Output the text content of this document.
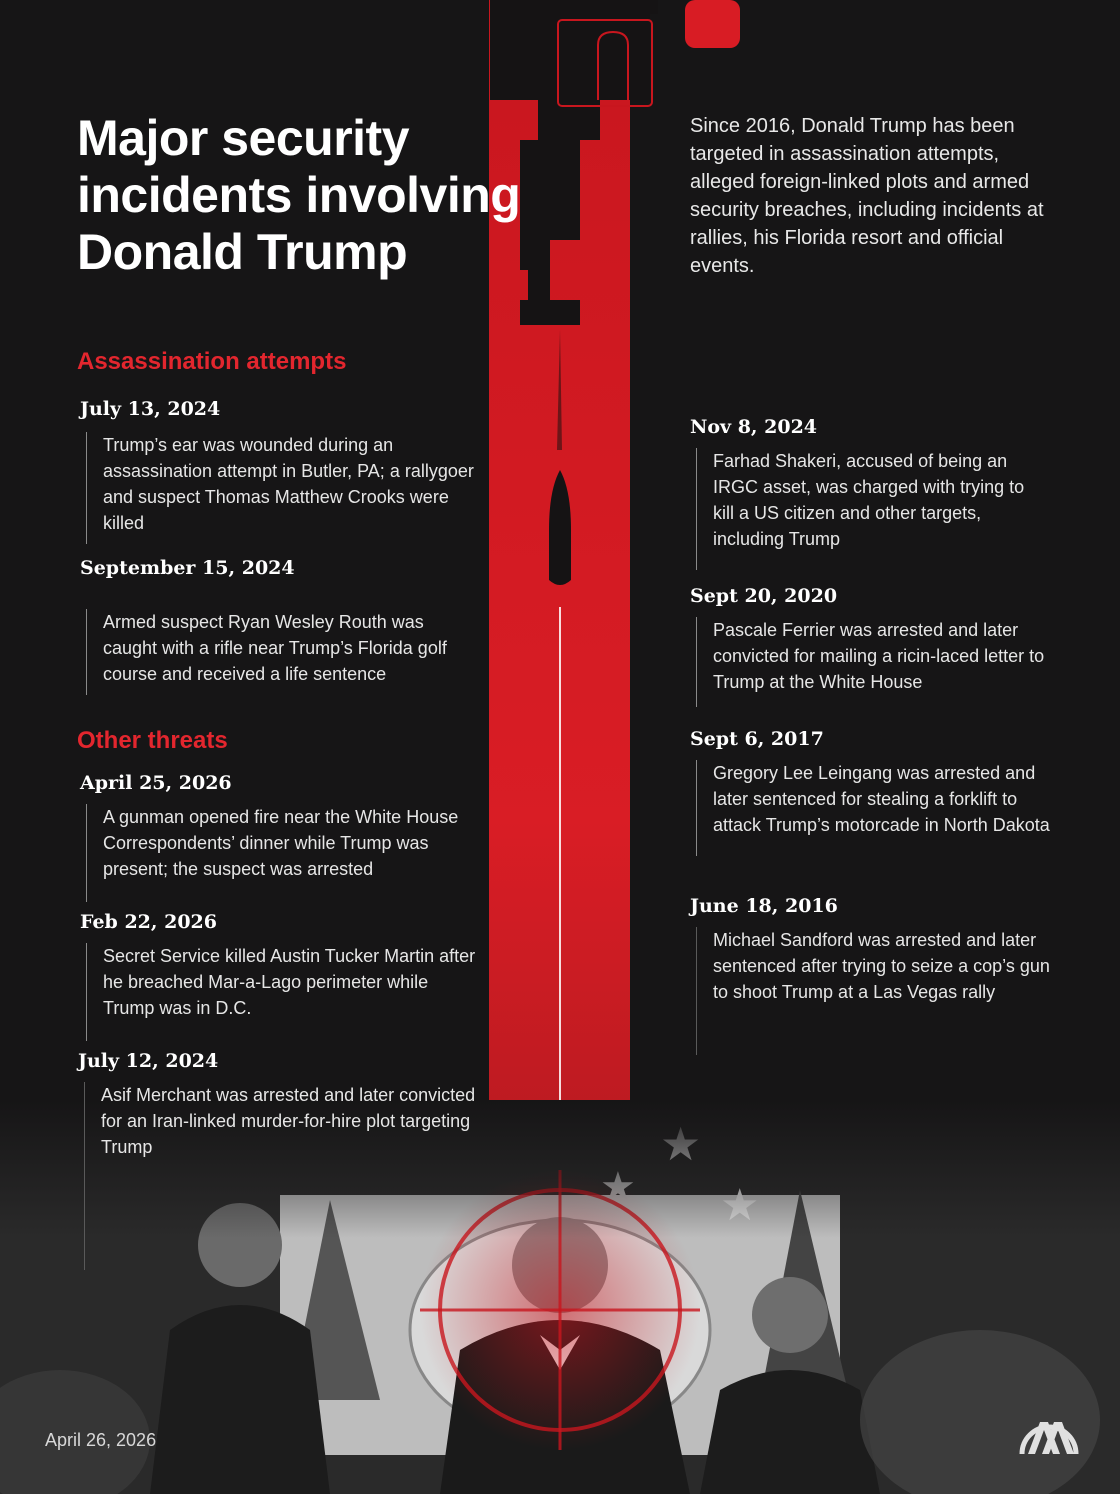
Major security incidents involving Donald Trump

Since 2016, Donald Trump has been targeted in assassination attempts, alleged foreign-linked plots and armed security breaches, including incidents at rallies, his Florida resort and official events.

Assassination attempts
Other threats

July 13, 2024

Trump’s ear was wounded during an assassination attempt in Butler, PA; a rallygoer and suspect Thomas Matthew Crooks were killed

September 15, 2024

Armed suspect Ryan Wesley Routh was caught with a rifle near Trump’s Florida golf course and received a life sentence

April 25, 2026

A gunman opened fire near the White House Correspondents’ dinner while Trump was present; the suspect was arrested

Feb 22, 2026

Secret Service killed Austin Tucker Martin after he breached Mar-a-Lago perimeter while Trump was in D.C.

July 12, 2024

Asif Merchant was arrested and later convicted for an Iran-linked murder-for-hire plot targeting Trump

Nov 8, 2024

Farhad Shakeri, accused of being an IRGC asset, was charged with trying to kill a US citizen and other targets, including Trump

Sept 20, 2020

Pascale Ferrier was arrested and later convicted for mailing a ricin-laced letter to Trump at the White House

Sept 6, 2017

Gregory Lee Leingang was arrested and later sentenced for stealing a forklift to attack Trump’s motorcade in North Dakota

June 18, 2016

Michael Sandford was arrested and later sentenced after trying to seize a cop’s gun to shoot Trump at a Las Vegas rally

April 26, 2026
